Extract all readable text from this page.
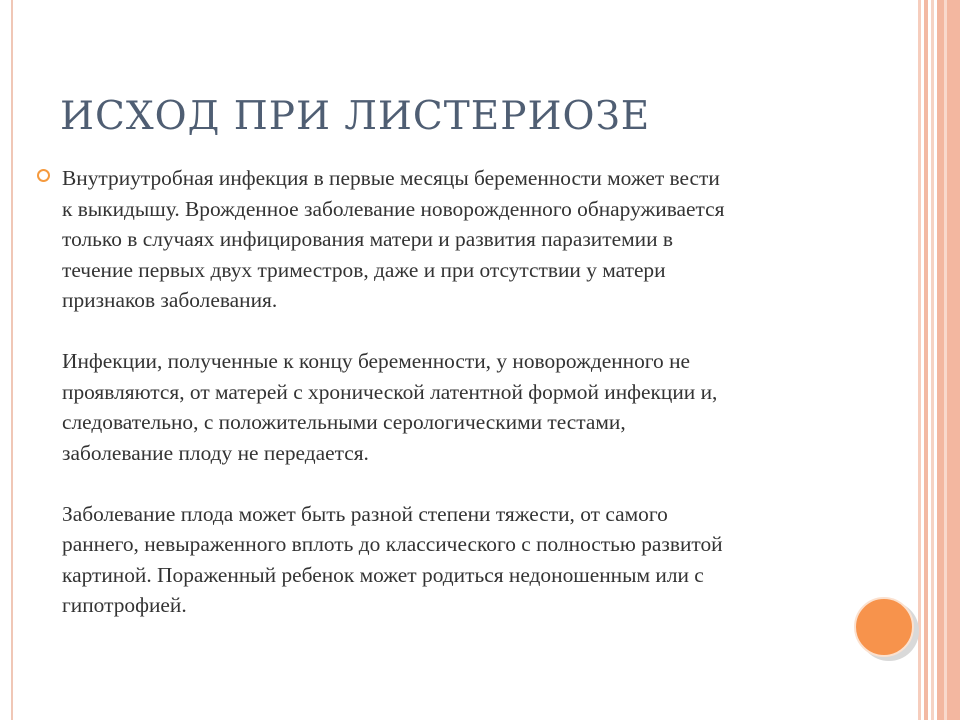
ИСХОД ПРИ ЛИСТЕРИОЗЕ
Внутриутробная инфекция в первые месяцы беременности может вести
к выкидышу. Врожденное заболевание новорожденного обнаруживается
только в случаях инфицирования матери и развития паразитемии в
течение первых двух триместров, даже и при отсутствии у матери
признаков заболевания.
Инфекции, полученные к концу беременности, у новорожденного не
проявляются, от матерей с хронической латентной формой инфекции и,
следовательно, с положительными серологическими тестами,
заболевание плоду не передается.
Заболевание плода может быть разной степени тяжести, от самого
раннего, невыраженного вплоть до классического с полностью развитой
картиной. Пораженный ребенок может родиться недоношенным или с
гипотрофией.
